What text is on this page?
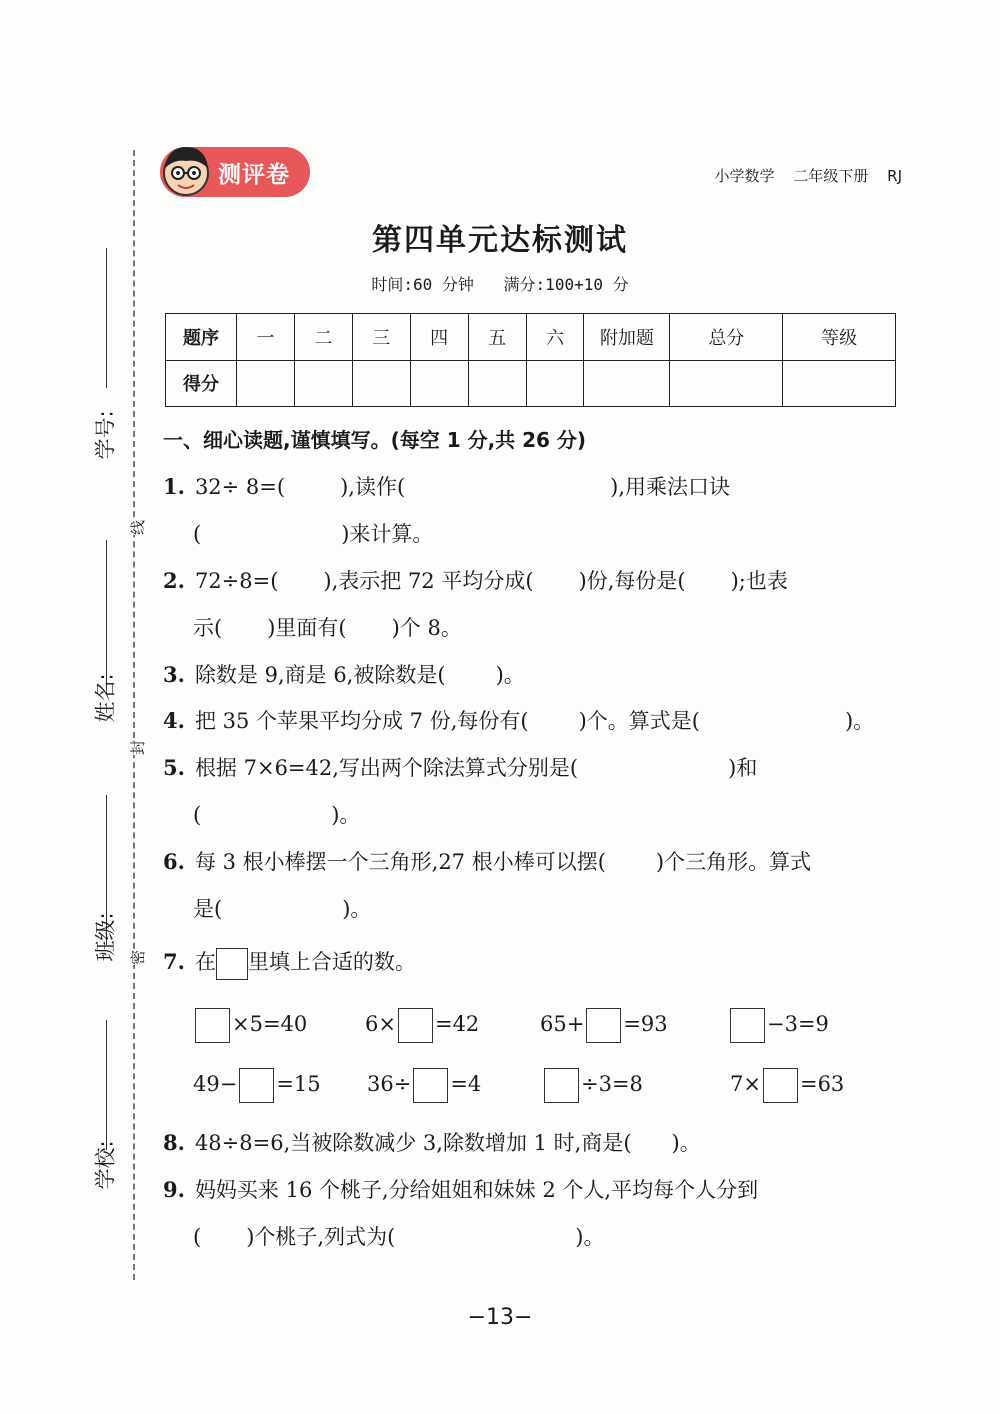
学号:
姓名:
班级:
学校:
线
封
密
测评卷	小学数学 二年级下册 RJ
第四单元达标测试
时间:60 分钟 满分:100+10 分
题序	一	二	三	四	五	六	附加题	总分	等级
得分									
一、细心读题,谨慎填写。(每空 1 分,共 26 分)
1. 32÷ 8=(	),读作(	),用乘法口诀
(	)来计算。
2. 72÷8=( ),表示把 72 平均分成( )份,每份是( );也表
示( )里面有( )个 8。
3. 除数是 9,商是 6,被除数是( )。
4. 把 35 个苹果平均分成 7 份,每份有( )个。算式是(	)。
5. 根据 7×6=42,写出两个除法算式分别是(	)和
(	)。
6. 每 3 根小棒摆一个三角形,27 根小棒可以摆( )个三角形。算式
是(	)。
7. 在 里填上合适的数。
×5=40	6× =42	65+ =93	−3=9
49− =15 36÷ =4	÷3=8	7× =63
8. 48÷8=6,当被除数减少 3,除数增加 1 时,商是( )。
9. 妈妈买来 16 个桃子,分给姐姐和妹妹 2 个人,平均每个人分到
( )个桃子,列式为(	)。
−13−
